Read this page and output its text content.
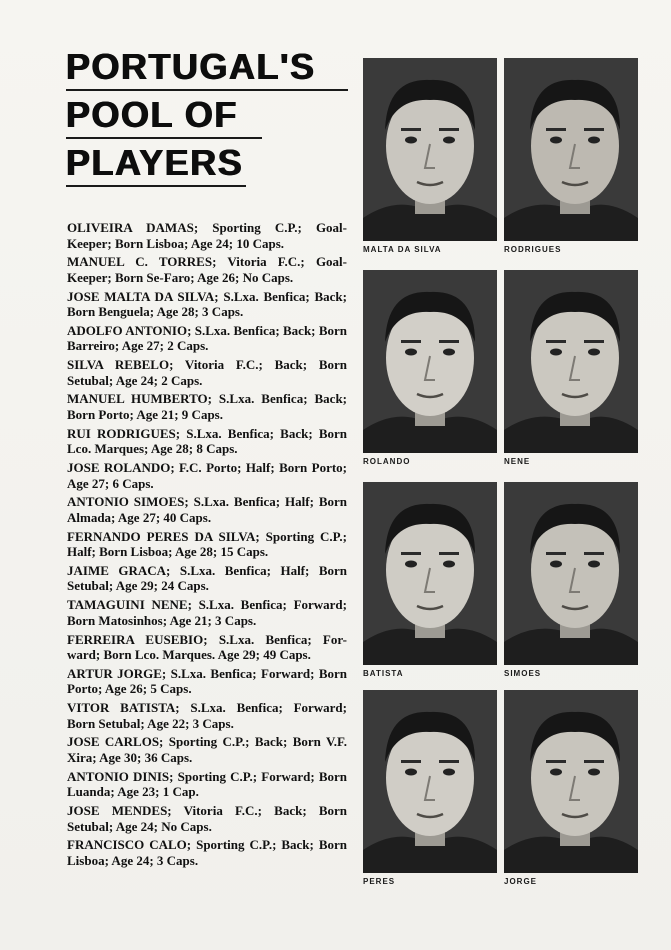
PORTUGAL'S
POOL OF
PLAYERS
OLIVEIRA DAMAS; Sporting C.P.; Goal-Keeper; Born Lisboa; Age 24; 10 Caps.
MANUEL C. TORRES; Vitoria F.C.; Goal-Keeper; Born Se-Faro; Age 26; No Caps.
JOSE MALTA DA SILVA; S.Lxa. Benfica; Back; Born Benguela; Age 28; 3 Caps.
ADOLFO ANTONIO; S.Lxa. Benfica; Back; Born Barreiro; Age 27; 2 Caps.
SILVA REBELO; Vitoria F.C.; Back; Born Setubal; Age 24; 2 Caps.
MANUEL HUMBERTO; S.Lxa. Benfica; Back; Born Porto; Age 21; 9 Caps.
RUI RODRIGUES; S.Lxa. Benfica; Back; Born Lco. Marques; Age 28; 8 Caps.
JOSE ROLANDO; F.C. Porto; Half; Born Porto; Age 27; 6 Caps.
ANTONIO SIMOES; S.Lxa. Benfica; Half; Born Almada; Age 27; 40 Caps.
FERNANDO PERES DA SILVA; Sporting C.P.; Half; Born Lisboa; Age 28; 15 Caps.
JAIME GRACA; S.Lxa. Benfica; Half; Born Setubal; Age 29; 24 Caps.
TAMAGUINI NENE; S.Lxa. Benfica; Forward; Born Matosinhos; Age 21; 3 Caps.
FERREIRA EUSEBIO; S.Lxa. Benfica; For-ward; Born Lco. Marques. Age 29; 49 Caps.
ARTUR JORGE; S.Lxa. Benfica; Forward; Born Porto; Age 26; 5 Caps.
VITOR BATISTA; S.Lxa. Benfica; Forward; Born Setubal; Age 22; 3 Caps.
JOSE CARLOS; Sporting C.P.; Back; Born V.F. Xira; Age 30; 36 Caps.
ANTONIO DINIS; Sporting C.P.; Forward; Born Luanda; Age 23; 1 Cap.
JOSE MENDES; Vitoria F.C.; Back; Born Setubal; Age 24; No Caps.
FRANCISCO CALO; Sporting C.P.; Back; Born Lisboa; Age 24; 3 Caps.
MALTA DA SILVA	RODRIGUES
ROLANDO	NENE
BATISTA	SIMOES
PERES	JORGE
